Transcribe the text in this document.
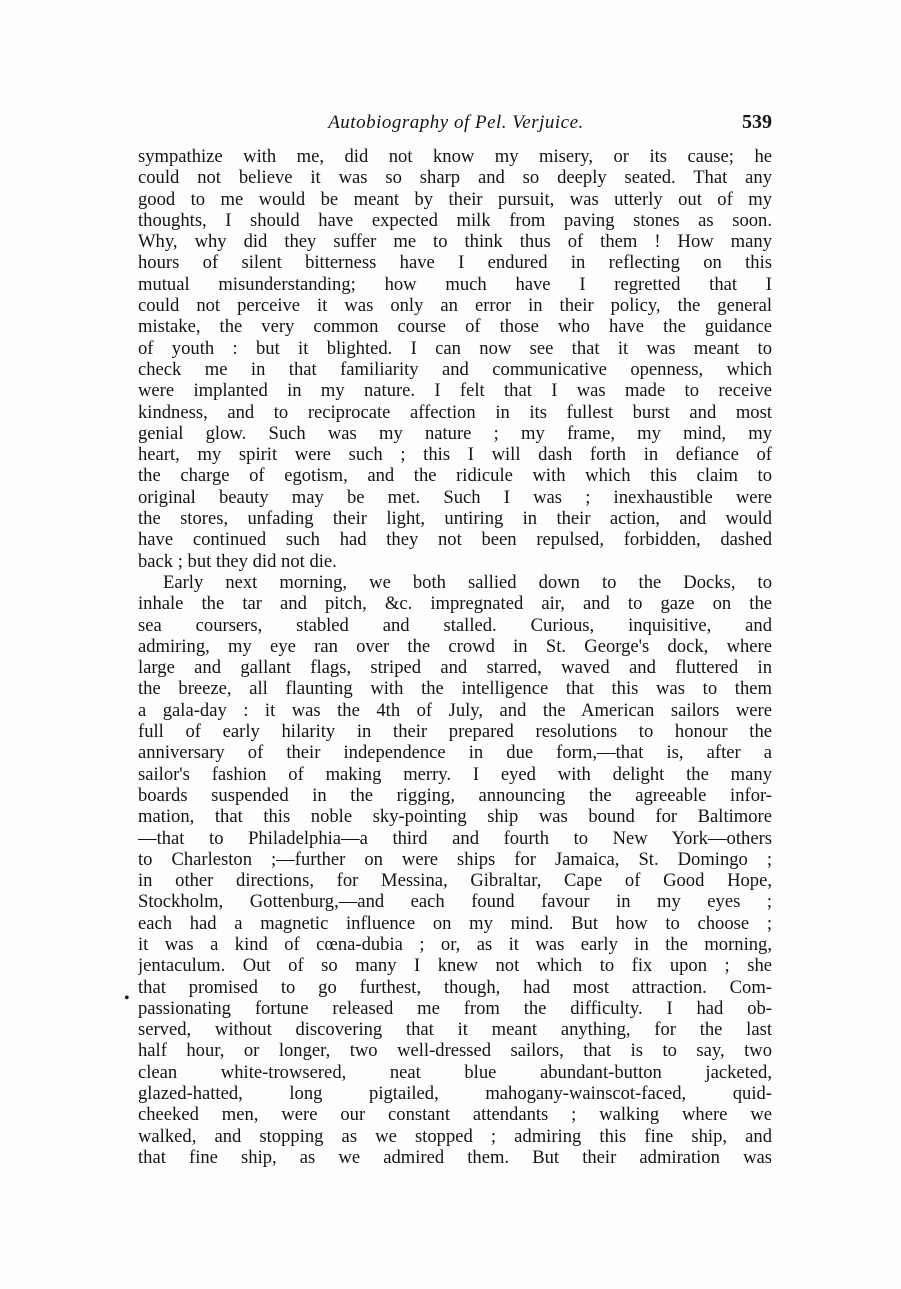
Autobiography of Pel. Verjuice.	539
•
sympathize with me, did not know my misery, or its cause; he
could not believe it was so sharp and so deeply seated. That any
good to me would be meant by their pursuit, was utterly out of my
thoughts, I should have expected milk from paving stones as soon.
Why, why did they suffer me to think thus of them ! How many
hours of silent bitterness have I endured in reflecting on this
mutual misunderstanding; how much have I regretted that I
could not perceive it was only an error in their policy, the general
mistake, the very common course of those who have the guidance
of youth : but it blighted. I can now see that it was meant to
check me in that familiarity and communicative openness, which
were implanted in my nature. I felt that I was made to receive
kindness, and to reciprocate affection in its fullest burst and most
genial glow. Such was my nature ; my frame, my mind, my
heart, my spirit were such ; this I will dash forth in defiance of
the charge of egotism, and the ridicule with which this claim to
original beauty may be met. Such I was ; inexhaustible were
the stores, unfading their light, untiring in their action, and would
have continued such had they not been repulsed, forbidden, dashed
back ; but they did not die.
Early next morning, we both sallied down to the Docks, to
inhale the tar and pitch, &c. impregnated air, and to gaze on the
sea coursers, stabled and stalled. Curious, inquisitive, and
admiring, my eye ran over the crowd in St. George's dock, where
large and gallant flags, striped and starred, waved and fluttered in
the breeze, all flaunting with the intelligence that this was to them
a gala-day : it was the 4th of July, and the American sailors were
full of early hilarity in their prepared resolutions to honour the
anniversary of their independence in due form,—that is, after a
sailor's fashion of making merry. I eyed with delight the many
boards suspended in the rigging, announcing the agreeable infor-
mation, that this noble sky-pointing ship was bound for Baltimore
—that to Philadelphia—a third and fourth to New York—others
to Charleston ;—further on were ships for Jamaica, St. Domingo ;
in other directions, for Messina, Gibraltar, Cape of Good Hope,
Stockholm, Gottenburg,—and each found favour in my eyes ;
each had a magnetic influence on my mind. But how to choose ;
it was a kind of cœna-dubia ; or, as it was early in the morning,
jentaculum. Out of so many I knew not which to fix upon ; she
that promised to go furthest, though, had most attraction. Com-
passionating fortune released me from the difficulty. I had ob-
served, without discovering that it meant anything, for the last
half hour, or longer, two well-dressed sailors, that is to say, two
clean white-trowsered, neat blue abundant-button jacketed,
glazed-hatted, long pigtailed, mahogany-wainscot-faced, quid-
cheeked men, were our constant attendants ; walking where we
walked, and stopping as we stopped ; admiring this fine ship, and
that fine ship, as we admired them. But their admiration was
